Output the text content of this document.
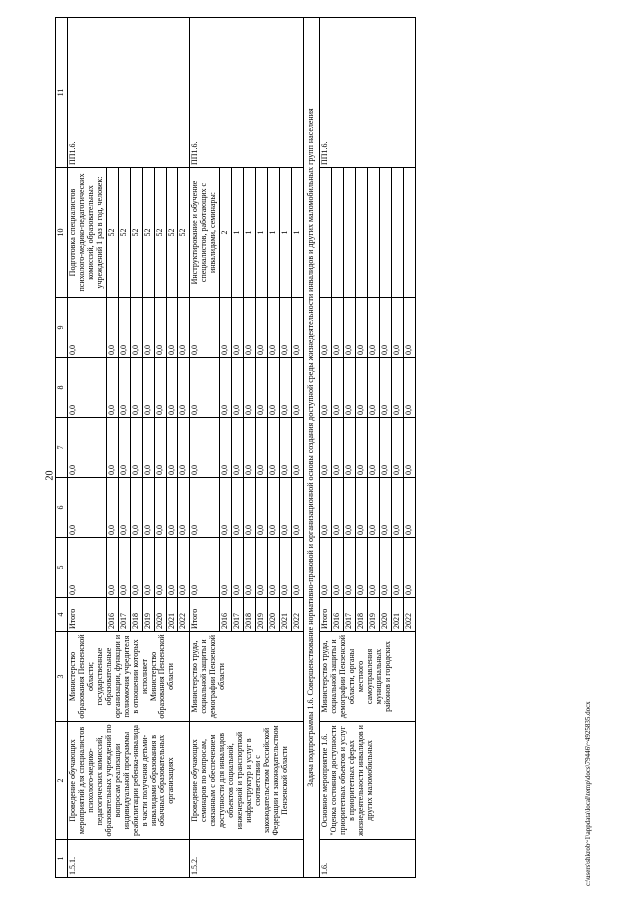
20
c:\users\shkrob~1\appdata\local\temp\docs\79446\~4925835.docx
1	2	3	4	5	6	7	8	9	10	11
1.5.1.	Проведение обучающих мероприятий для специалистов психолого-медико-педагогических комиссий, образовательных учреждений по вопросам реализации индивидуальной программы реабилитации ребенка-инвалида в части получения детьми-инвалидами образования в обычных образовательных организациях	Министерство образования Пензенской области; государственные образовательные организации, функции и полномочия учредителя в отношении которых исполняет Министерство образования Пензенской области	Итого	0,0	0,0	0,0	0,0	0,0	Подготовка специалистов психолого-медико-педагогических комиссий, образовательных учреждений 1 раз в год, человек:	ПП1.6.
			2016	0,0	0,0	0,0	0,0	0,0	52	
			2017	0,0	0,0	0,0	0,0	0,0	52	
			2018	0,0	0,0	0,0	0,0	0,0	52	
			2019	0,0	0,0	0,0	0,0	0,0	52	
			2020	0,0	0,0	0,0	0,0	0,0	52	
			2021	0,0	0,0	0,0	0,0	0,0	52	
			2022	0,0	0,0	0,0	0,0	0,0	52	
1.5.2.	Проведение обучающих семинаров по вопросам, связанным с обеспечением доступности для инвалидов объектов социальной, инженерной и транспортной инфраструктур и услуг в соответствии с законодательством Российской Федерации и законодательством Пензенской области	Министерство труда, социальной защиты и демографии Пензенской области	Итого	0,0	0,0	0,0	0,0	0,0	Инструктирование и обучение специалистов, работающих с инвалидами, семинары:	ПП1.6.
			2016	0,0	0,0	0,0	0,0	0,0	2	
			2017	0,0	0,0	0,0	0,0	0,0	1	
			2018	0,0	0,0	0,0	0,0	0,0	1	
			2019	0,0	0,0	0,0	0,0	0,0	1	
			2020	0,0	0,0	0,0	0,0	0,0	1	
			2021	0,0	0,0	0,0	0,0	0,0	1	
			2022	0,0	0,0	0,0	0,0	0,0	1	
Задача подпрограммы 1.6. Совершенствование нормативно-правовой и организационной основы создания доступной среды жизнедеятельности инвалидов и других маломобильных групп населения										
1.6.	Основное мероприятие 1.6. "Оценка состояния доступности приоритетных объектов и услуг в приоритетных сферах жизнедеятельности инвалидов и других маломобильных	Министерство труда, социальной защиты и демографии Пензенской области, органы местного самоуправления муниципальных районов и городских	Итого	0,0	0,0	0,0	0,0	0,0		ПП1.6.
			2016	0,0	0,0	0,0	0,0	0,0		
			2017	0,0	0,0	0,0	0,0	0,0		
			2018	0,0	0,0	0,0	0,0	0,0		
			2019	0,0	0,0	0,0	0,0	0,0		
			2020	0,0	0,0	0,0	0,0	0,0		
			2021	0,0	0,0	0,0	0,0	0,0		
			2022	0,0	0,0	0,0	0,0	0,0		
